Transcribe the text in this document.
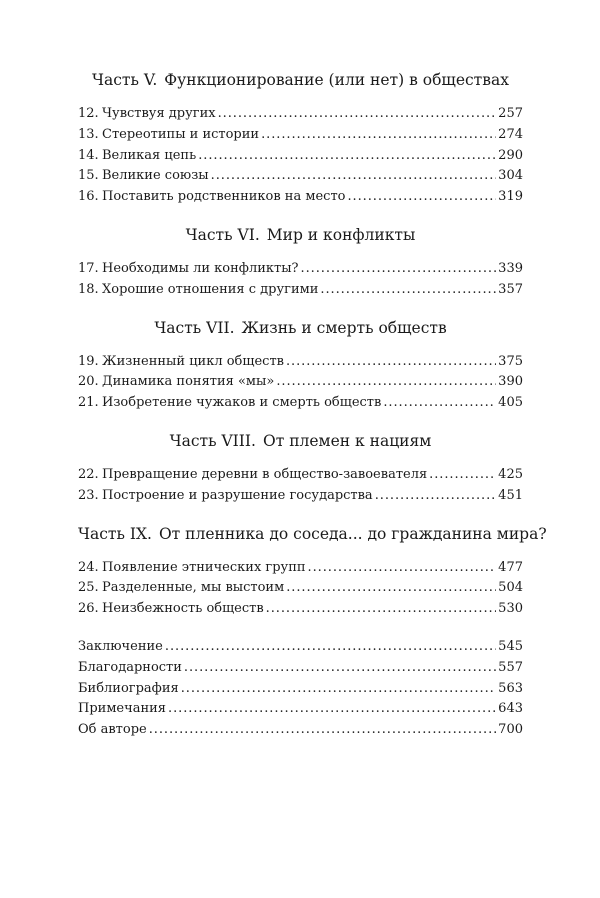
Часть V. Функционирование (или нет) в обществах
12. Чувствуя других . . .	257
13. Стереотипы и истории . . .	274
14. Великая цепь . . .	290
15. Великие союзы . . .	304
16. Поставить родственников на место . . .	319
Часть VI. Мир и конфликты
17. Необходимы ли конфликты? . . .	339
18. Хорошие отношения с другими . . .	357
Часть VII. Жизнь и смерть обществ
19. Жизненный цикл обществ . . .	375
20. Динамика понятия «мы» . . .	390
21. Изобретение чужаков и смерть обществ . . .	405
Часть VIII. От племен к нациям
22. Превращение деревни в общество-завоевателя . . .	425
23. Построение и разрушение государства . . .	451
Часть IX. От пленника до соседа... до гражданина мира?
24. Появление этнических групп . . .	477
25. Разделенные, мы выстоим . . .	504
26. Неизбежность обществ . . .	530
Заключение . . .	545
Благодарности . . .	557
Библиография . . .	563
Примечания . . .	643
Об авторе . . .	700
